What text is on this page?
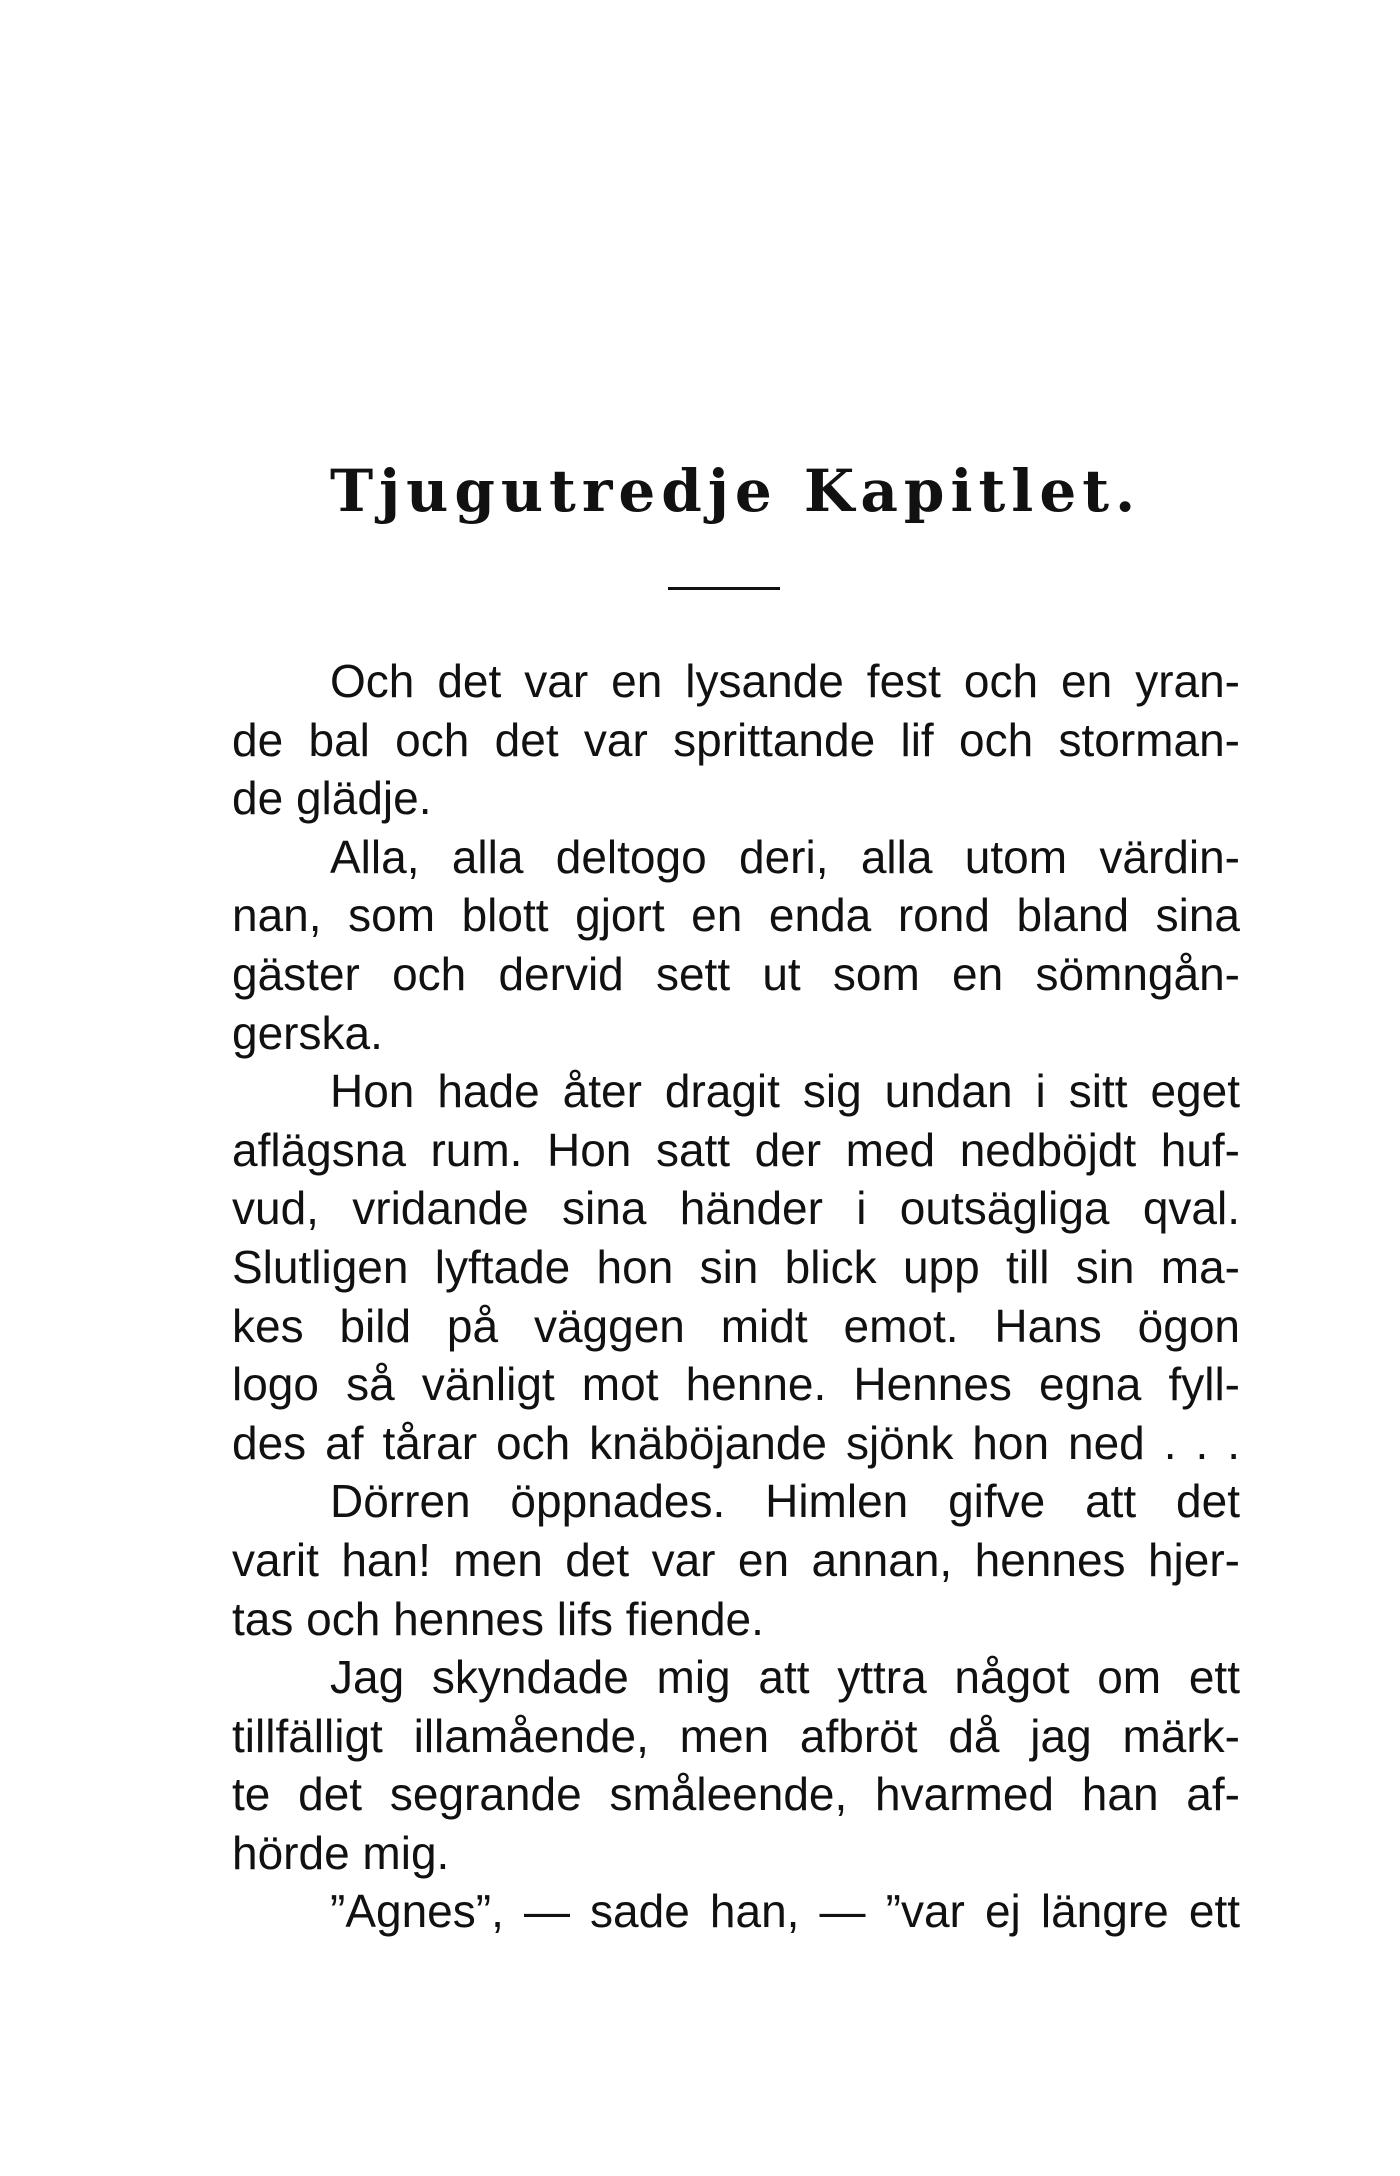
Tjugutredje Kapitlet.
Och det var en lysande fest och en yran-
de bal och det var sprittande lif och storman-
de glädje.
Alla, alla deltogo deri, alla utom värdin-
nan, som blott gjort en enda rond bland sina
gäster och dervid sett ut som en sömngån-
gerska.
Hon hade åter dragit sig undan i sitt eget
aflägsna rum. Hon satt der med nedböjdt huf-
vud, vridande sina händer i outsägliga qval.
Slutligen lyftade hon sin blick upp till sin ma-
kes bild på väggen midt emot. Hans ögon
logo så vänligt mot henne. Hennes egna fyll-
des af tårar och knäböjande sjönk hon ned . . .
Dörren öppnades. Himlen gifve att det
varit han! men det var en annan, hennes hjer-
tas och hennes lifs fiende.
Jag skyndade mig att yttra något om ett
tillfälligt illamående, men afbröt då jag märk-
te det segrande småleende, hvarmed han af-
hörde mig.
”Agnes”, — sade han, — ”var ej längre ett
